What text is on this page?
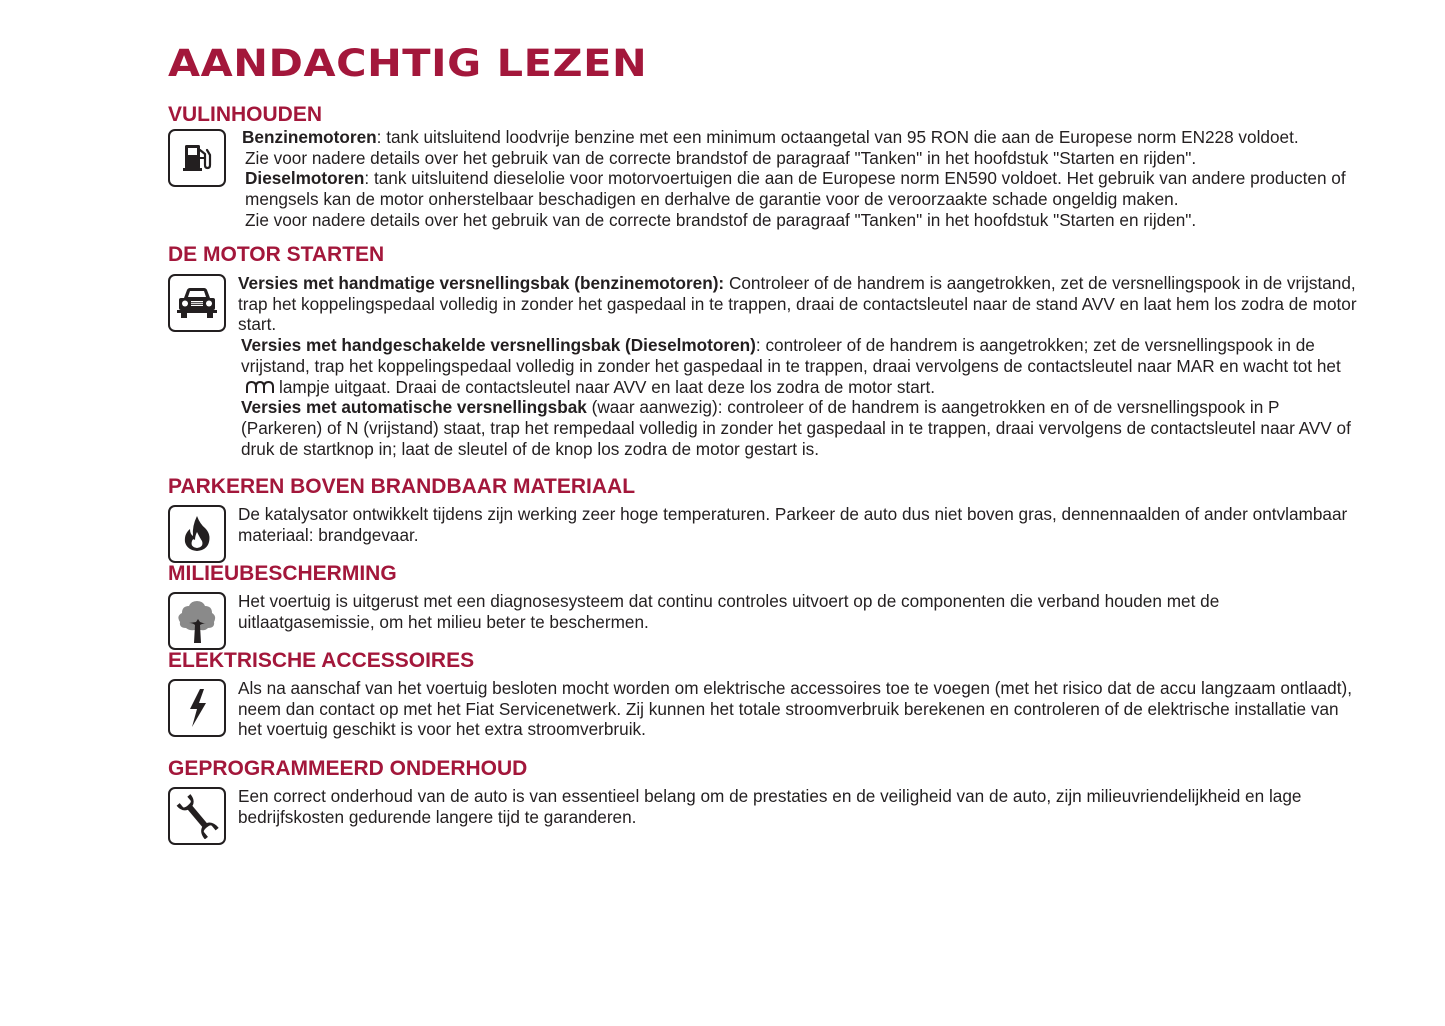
AANDACHTIG LEZEN
VULINHOUDEN

Benzinemotoren: tank uitsluitend loodvrije benzine met een minimum octaangetal van 95 RON die aan de Europese norm EN228 voldoet.

Zie voor nadere details over het gebruik van de correcte brandstof de paragraaf "Tanken" in het hoofdstuk "Starten en rijden".

Dieselmotoren: tank uitsluitend dieselolie voor motorvoertuigen die aan de Europese norm EN590 voldoet. Het gebruik van andere producten of mengsels kan de motor onherstelbaar beschadigen en derhalve de garantie voor de veroorzaakte schade ongeldig maken.

Zie voor nadere details over het gebruik van de correcte brandstof de paragraaf "Tanken" in het hoofdstuk "Starten en rijden".

DE MOTOR STARTEN

Versies met handmatige versnellingsbak (benzinemotoren): Controleer of de handrem is aangetrokken, zet de versnellingspook in de vrijstand, trap het koppelingspedaal volledig in zonder het gaspedaal in te trappen, draai de contactsleutel naar de stand AVV en laat hem los zodra de motor start.

Versies met handgeschakelde versnellingsbak (Dieselmotoren): controleer of de handrem is aangetrokken; zet de versnellingspook in de vrijstand, trap het koppelingspedaal volledig in zonder het gaspedaal in te trappen, draai vervolgens de contactsleutel naar MAR en wacht tot hetlampje uitgaat. Draai de contactsleutel naar AVV en laat deze los zodra de motor start.

Versies met automatische versnellingsbak (waar aanwezig): controleer of de handrem is aangetrokken en of de versnellingspook in P (Parkeren) of N (vrijstand) staat, trap het rempedaal volledig in zonder het gaspedaal in te trappen, draai vervolgens de contactsleutel naar AVV of druk de startknop in; laat de sleutel of de knop los zodra de motor gestart is.

PARKEREN BOVEN BRANDBAAR MATERIAAL

De katalysator ontwikkelt tijdens zijn werking zeer hoge temperaturen. Parkeer de auto dus niet boven gras, dennennaalden of ander ontvlambaar materiaal: brandgevaar.

MILIEUBESCHERMING

Het voertuig is uitgerust met een diagnosesysteem dat continu controles uitvoert op de componenten die verband houden met de uitlaatgasemissie, om het milieu beter te beschermen.

ELEKTRISCHE ACCESSOIRES

Als na aanschaf van het voertuig besloten mocht worden om elektrische accessoires toe te voegen (met het risico dat de accu langzaam ontlaadt), neem dan contact op met het Fiat Servicenetwerk. Zij kunnen het totale stroomverbruik berekenen en controleren of de elektrische installatie van het voertuig geschikt is voor het extra stroomverbruik.

GEPROGRAMMEERD ONDERHOUD

Een correct onderhoud van de auto is van essentieel belang om de prestaties en de veiligheid van de auto, zijn milieuvriendelijkheid en lage bedrijfskosten gedurende langere tijd te garanderen.
